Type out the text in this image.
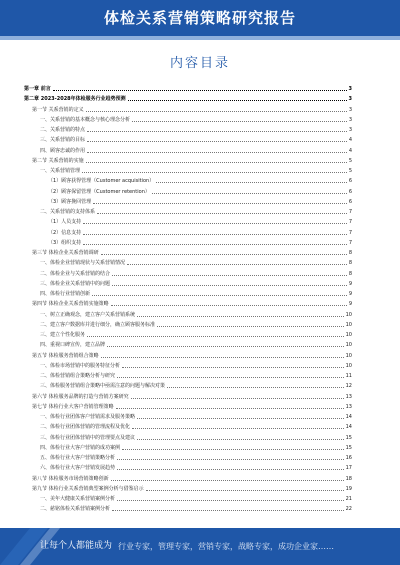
体检关系营销策略研究报告
内容目录
第一章 前言	3
第二章 2023-2028年体检服务行业趋势预测	3
第一节 关系营销的定义	3
一、关系营销的基本概念与核心理念分析	3
二、关系营销的特点	3
三、关系营销的目标	4
四、顾客忠诚的作用	4
第二节 关系营销的实施	5
一、关系营销管理	5
（1）顾客获得管理（Customer acquisition）	6
（2）顾客保留管理（Customer retention）	6
（3）顾客挽回管理	6
二、关系营销的支持体系	7
（1）人员支持	7
（2）信息支持	7
（3）组织支持	7
第三节 体检企业关系营销调研	8
一、体检企业营销现状与关系营销情况	8
二、体检企业与关系营销的结合	8
三、体检企业关系营销中的问题	9
四、体检行业营销创新	9
第四节 体检企业关系营销实施策略	9
一、树立正确观念，建立客户关系营销系统	10
二、建立客户数据库并进行细分，确立顾客服务标准	10
三、建立个性化服务	10
四、重视口碑宣传，建立品牌	10
第五节 体检服务营销组合策略	10
一、体检市场营销中的服务特征分析	10
二、体检营销组合策略分析与研究	11
三、体检服务营销组合策略中亟需注意的问题与解决对策	12
第六节 体检服务品牌的打造与营销方案研究	13
第七节 体检行业大客户营销管理策略	13
一、体检行业团体客户营销需求及服务策略	14
二、体检行业团体营销的管理流程及优化	14
三、体检行业团体营销中的管理要点及建议	15
四、体检行业大客户营销的成功案例	15
五、体检行业大客户营销策略分析	16
六、体检行业大客户营销发展趋势	17
第八节 体检服务市场营销策略创新	18
第九节 体检行业关系营销典型案例分析与借鉴启示	19
一、美年大健康关系营销案例分析	21
二、慈铭体检关系营销案例分析	22
让每个人都能成为 行业专家，管理专家，营销专家，战略专家，成功企业家……
